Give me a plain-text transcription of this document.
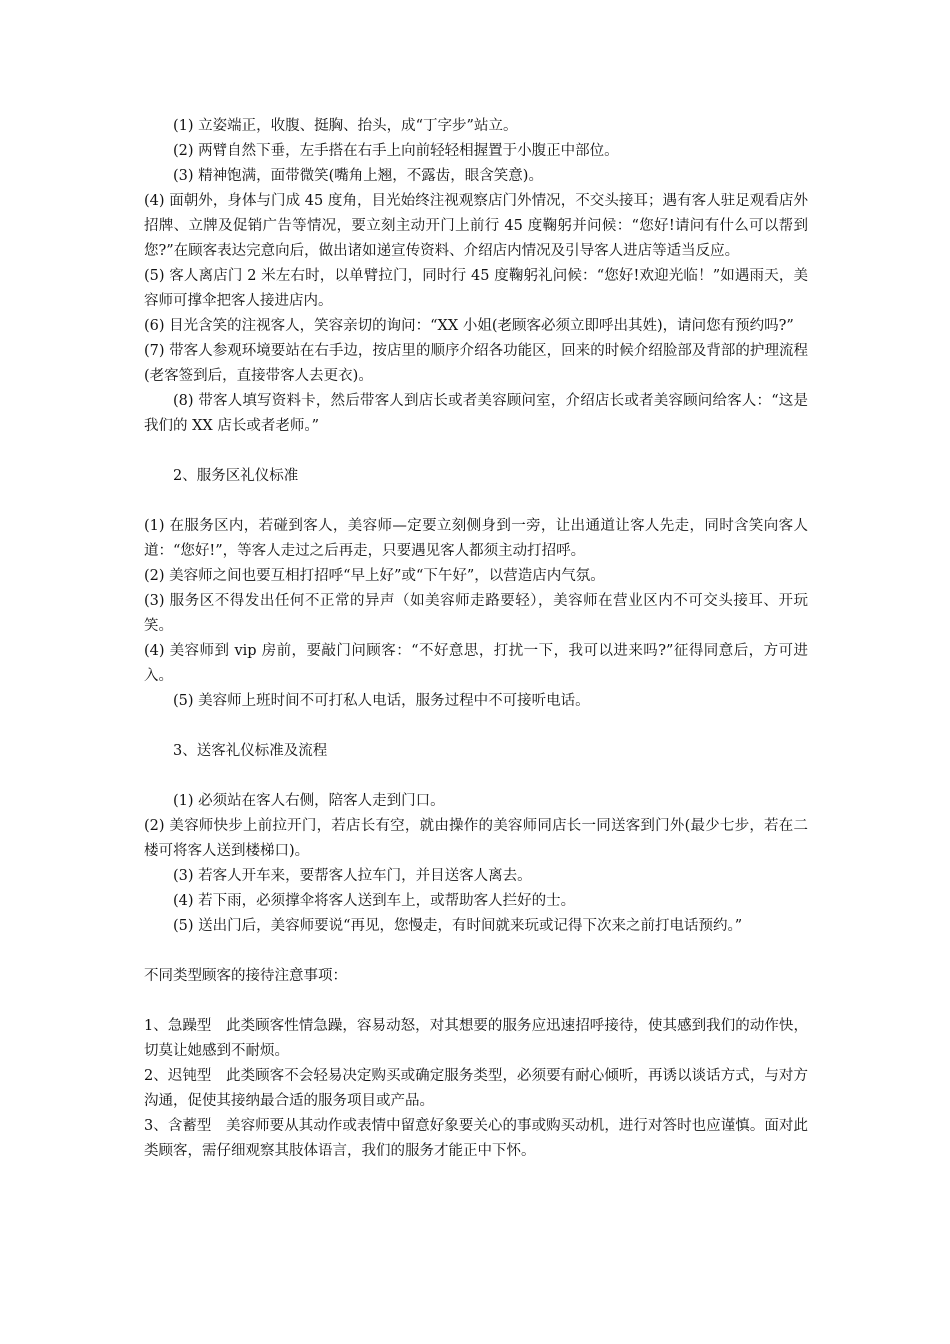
(1) 立姿端正，收腹、挺胸、抬头，成“丁字步”站立。

(2) 两臂自然下垂，左手搭在右手上向前轻轻相握置于小腹正中部位。

(3) 精神饱满，面带微笑(嘴角上翘，不露齿，眼含笑意)。

(4) 面朝外，身体与门成 45 度角，目光始终注视观察店门外情况，不交头接耳；遇有客人驻足观看店外招牌、立牌及促销广告等情况，要立刻主动开门上前行 45 度鞠躬并问候：“您好!请问有什么可以帮到您?”在顾客表达完意向后，做出诸如递宣传资料、介绍店内情况及引导客人进店等适当反应。

(5) 客人离店门 2 米左右时，以单臂拉门，同时行 45 度鞠躬礼问候：“您好!欢迎光临！”如遇雨天，美容师可撑伞把客人接进店内。

(6) 目光含笑的注视客人，笑容亲切的询问：“XX 小姐(老顾客必须立即呼出其姓)，请问您有预约吗?”

(7) 带客人参观环境要站在右手边，按店里的顺序介绍各功能区，回来的时候介绍脸部及背部的护理流程(老客签到后，直接带客人去更衣)。

(8) 带客人填写资料卡，然后带客人到店长或者美容顾问室，介绍店长或者美容顾问给客人：“这是我们的 XX 店长或者老师。”

2、服务区礼仪标准

(1) 在服务区内，若碰到客人，美容师—定要立刻侧身到一旁，让出通道让客人先走，同时含笑向客人道：“您好!”，等客人走过之后再走，只要遇见客人都须主动打招呼。

(2) 美容师之间也要互相打招呼“早上好”或“下午好”，以营造店内气氛。

(3) 服务区不得发出任何不正常的异声（如美容师走路要轻），美容师在营业区内不可交头接耳、开玩笑。

(4) 美容师到 vip 房前，要敲门问顾客：“不好意思，打扰一下，我可以进来吗?”征得同意后，方可进入。

(5) 美容师上班时间不可打私人电话，服务过程中不可接听电话。

3、送客礼仪标准及流程

(1) 必须站在客人右侧，陪客人走到门口。

(2) 美容师快步上前拉开门，若店长有空，就由操作的美容师同店长一同送客到门外(最少七步，若在二楼可将客人送到楼梯口)。

(3) 若客人开车来，要帮客人拉车门，并目送客人离去。

(4) 若下雨，必须撑伞将客人送到车上，或帮助客人拦好的士。

(5) 送出门后，美容师要说“再见，您慢走，有时间就来玩或记得下次来之前打电话预约。”

不同类型顾客的接待注意事项：

1、急躁型　此类顾客性情急躁，容易动怒，对其想要的服务应迅速招呼接待，使其感到我们的动作快，切莫让她感到不耐烦。

2、迟钝型　此类顾客不会轻易决定购买或确定服务类型，必须要有耐心倾听，再诱以谈话方式，与对方沟通，促使其接纳最合适的服务项目或产品。

3、含蓄型　美容师要从其动作或表情中留意好象要关心的事或购买动机，进行对答时也应谨慎。面对此类顾客，需仔细观察其肢体语言，我们的服务才能正中下怀。
